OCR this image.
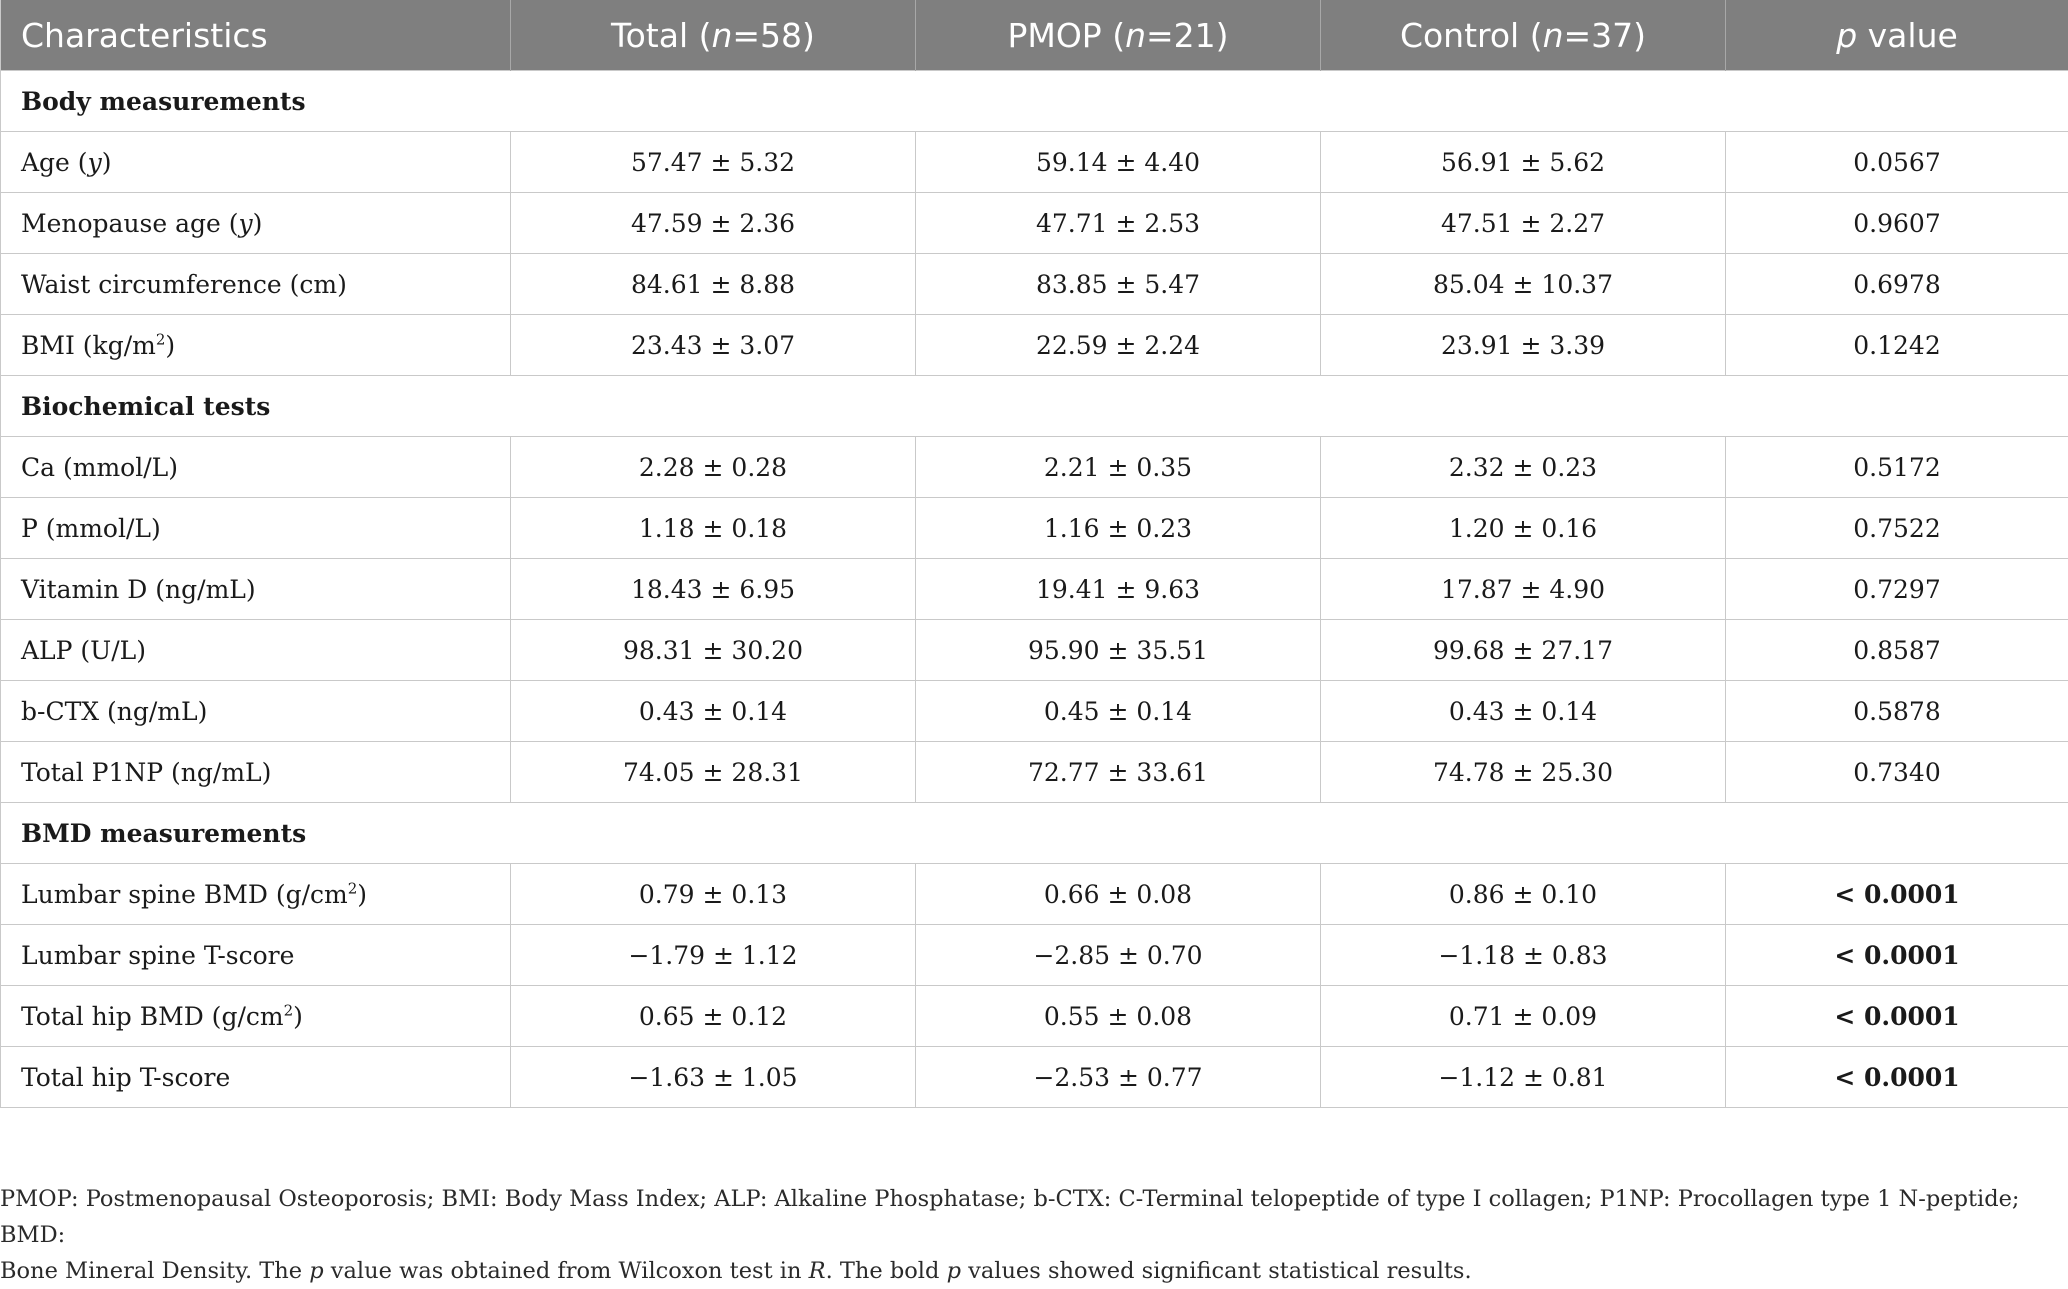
Characteristics	Total (n=58)	PMOP (n=21)	Control (n=37)	p value
Body measurements				
Age (y)	57.47 ± 5.32	59.14 ± 4.40	56.91 ± 5.62	0.0567
Menopause age (y)	47.59 ± 2.36	47.71 ± 2.53	47.51 ± 2.27	0.9607
Waist circumference (cm)	84.61 ± 8.88	83.85 ± 5.47	85.04 ± 10.37	0.6978
BMI $(kg/m^2)$	23.43 ± 3.07	22.59 ± 2.24	23.91 ± 3.39	0.1242
Biochemical tests				
Ca (mmol/L)	2.28 ± 0.28	2.21 ± 0.35	2.32 ± 0.23	0.5172
P (mmol/L)	1.18 ± 0.18	1.16 ± 0.23	1.20 ± 0.16	0.7522
Vitamin D (ng/mL)	18.43 ± 6.95	19.41 ± 9.63	17.87 ± 4.90	0.7297
ALP (U/L)	98.31 ± 30.20	95.90 ± 35.51	99.68 ± 27.17	0.8587
b-CTX (ng/mL)	0.43 ± 0.14	0.45 ± 0.14	0.43 ± 0.14	0.5878
Total P1NP (ng/mL)	74.05 ± 28.31	72.77 ± 33.61	74.78 ± 25.30	0.7340
BMD measurements				
Lumbar spine BMD $(g/cm^2)$	0.79 ± 0.13	0.66 ± 0.08	0.86 ± 0.10	< 0.0001
Lumbar spine T-score	−1.79 ± 1.12	−2.85 ± 0.70	−1.18 ± 0.83	< 0.0001
Total hip BMD $(g/cm^2)$	0.65 ± 0.12	0.55 ± 0.08	0.71 ± 0.09	< 0.0001
Total hip T-score	−1.63 ± 1.05	−2.53 ± 0.77	−1.12 ± 0.81	< 0.0001
PMOP: Postmenopausal Osteoporosis; BMI: Body Mass Index; ALP: Alkaline Phosphatase; b-CTX: C-Terminal telopeptide of type I collagen; P1NP: Procollagen type 1 N-peptide; BMD:
Bone Mineral Density. The p value was obtained from Wilcoxon test in R. The bold p values showed significant statistical results.
